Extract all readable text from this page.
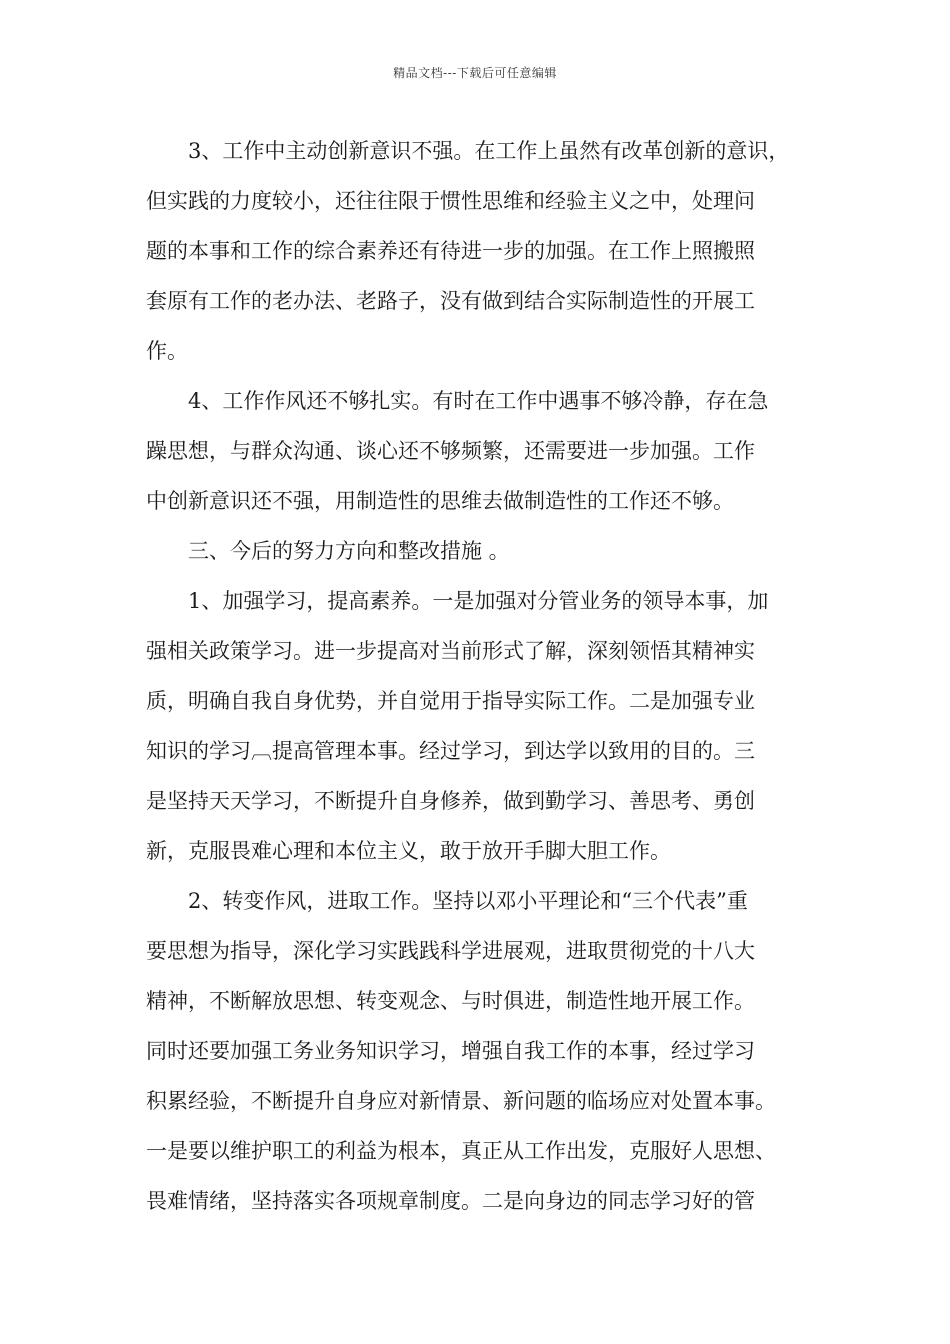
精品文档---下载后可任意编辑
3、工作中主动创新意识不强。在工作上虽然有改革创新的意识，
但实践的力度较小，还往往限于惯性思维和经验主义之中，处理问
题的本事和工作的综合素养还有待进一步的加强。在工作上照搬照
套原有工作的老办法、老路子，没有做到结合实际制造性的开展工
作。
4、工作作风还不够扎实。有时在工作中遇事不够冷静，存在急
躁思想，与群众沟通、谈心还不够频繁，还需要进一步加强。工作
中创新意识还不强，用制造性的思维去做制造性的工作还不够。
三、今后的努力方向和整改措施 。
1、加强学习，提高素养。一是加强对分管业务的领导本事，加
强相关政策学习。进一步提高对当前形式了解，深刻领悟其精神实
质，明确自我自身优势，并自觉用于指导实际工作。二是加强专业
知识的学习︹提高管理本事。经过学习，到达学以致用的目的。三
是坚持天天学习，不断提升自身修养，做到勤学习、善思考、勇创
新，克服畏难心理和本位主义，敢于放开手脚大胆工作。
2、转变作风，进取工作。坚持以邓小平理论和“三个代表”重
要思想为指导，深化学习实践践科学进展观，进取贯彻党的十八大
精神，不断解放思想、转变观念、与时俱进，制造性地开展工作。
同时还要加强工务业务知识学习，增强自我工作的本事，经过学习
积累经验，不断提升自身应对新情景、新问题的临场应对处置本事。
一是要以维护职工的利益为根本，真正从工作出发，克服好人思想、
畏难情绪，坚持落实各项规章制度。二是向身边的同志学习好的管
